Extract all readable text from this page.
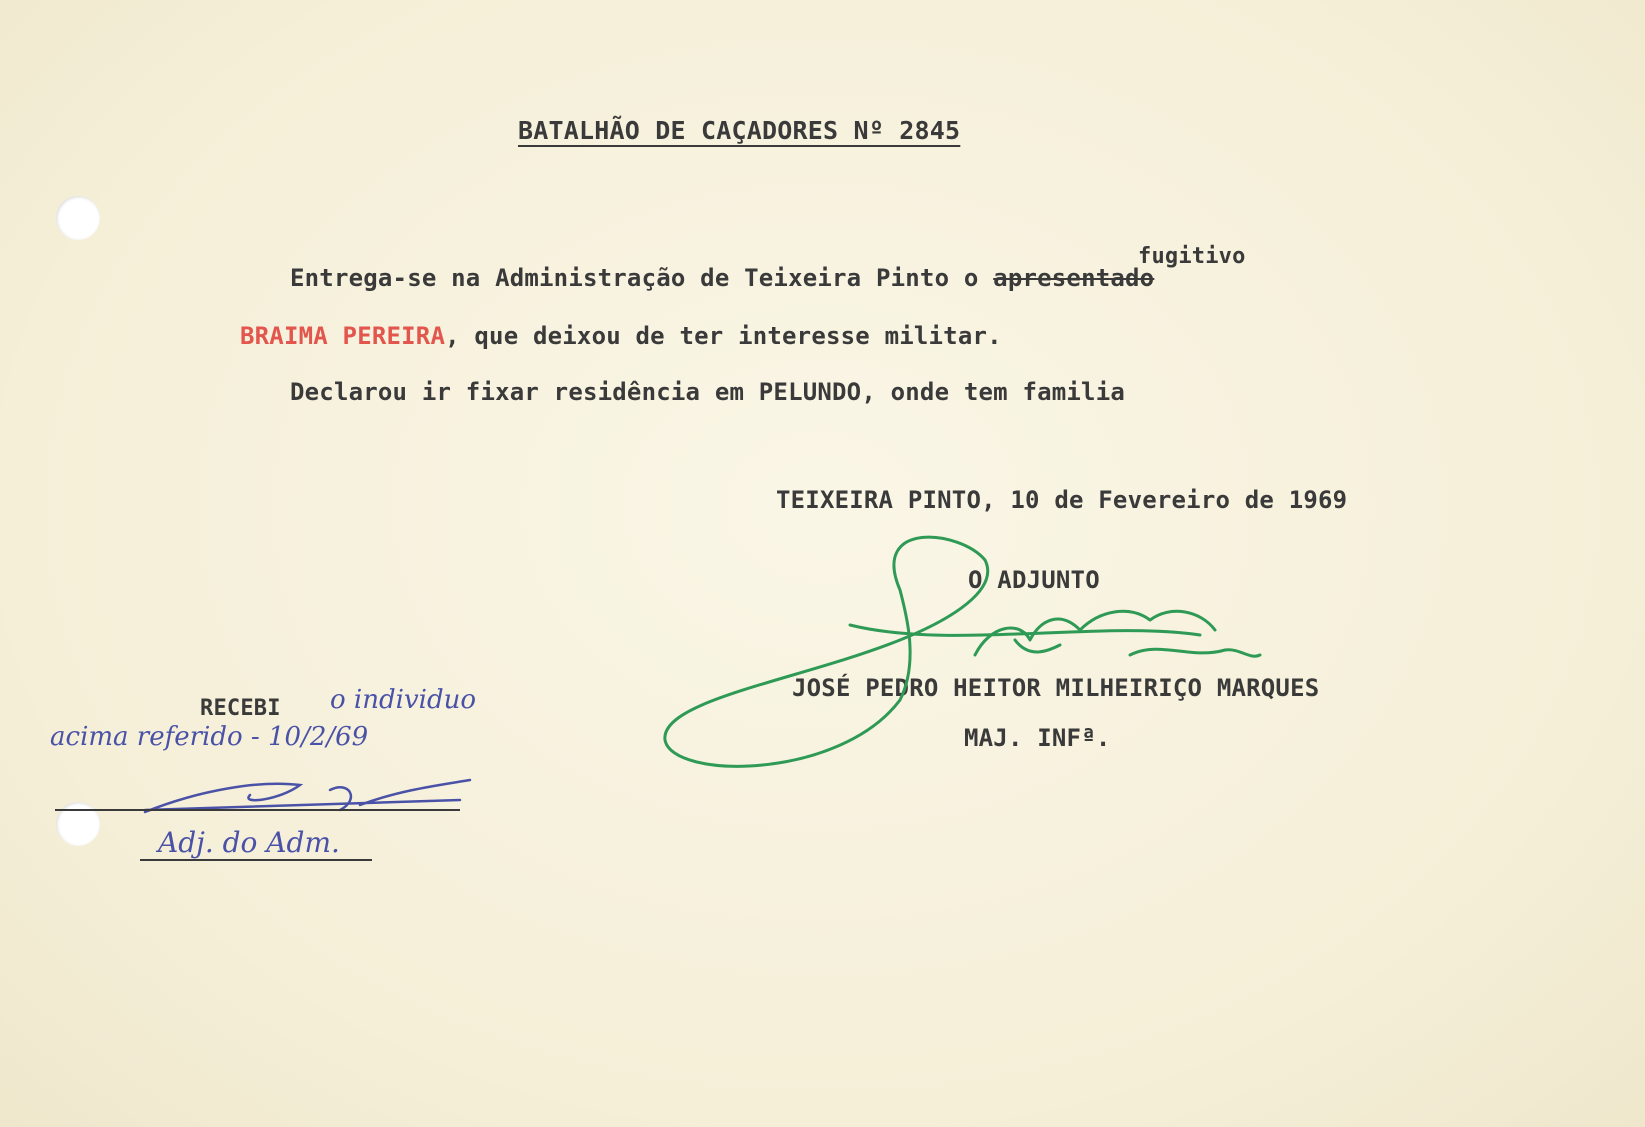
BATALHÃO DE CAÇADORES Nº 2845
Entrega-se na Administração de Teixeira Pinto o apresentado
fugitivo
BRAIMA PEREIRA, que deixou de ter interesse militar.
Declarou ir fixar residência em PELUNDO, onde tem familia
TEIXEIRA PINTO, 10 de Fevereiro de 1969
O ADJUNTO
JOSÉ PEDRO HEITOR MILHEIRIÇO MARQUES
MAJ. INFª.
RECEBI o individuo
acima referido - 10/2/69
Adj. do Adm.
